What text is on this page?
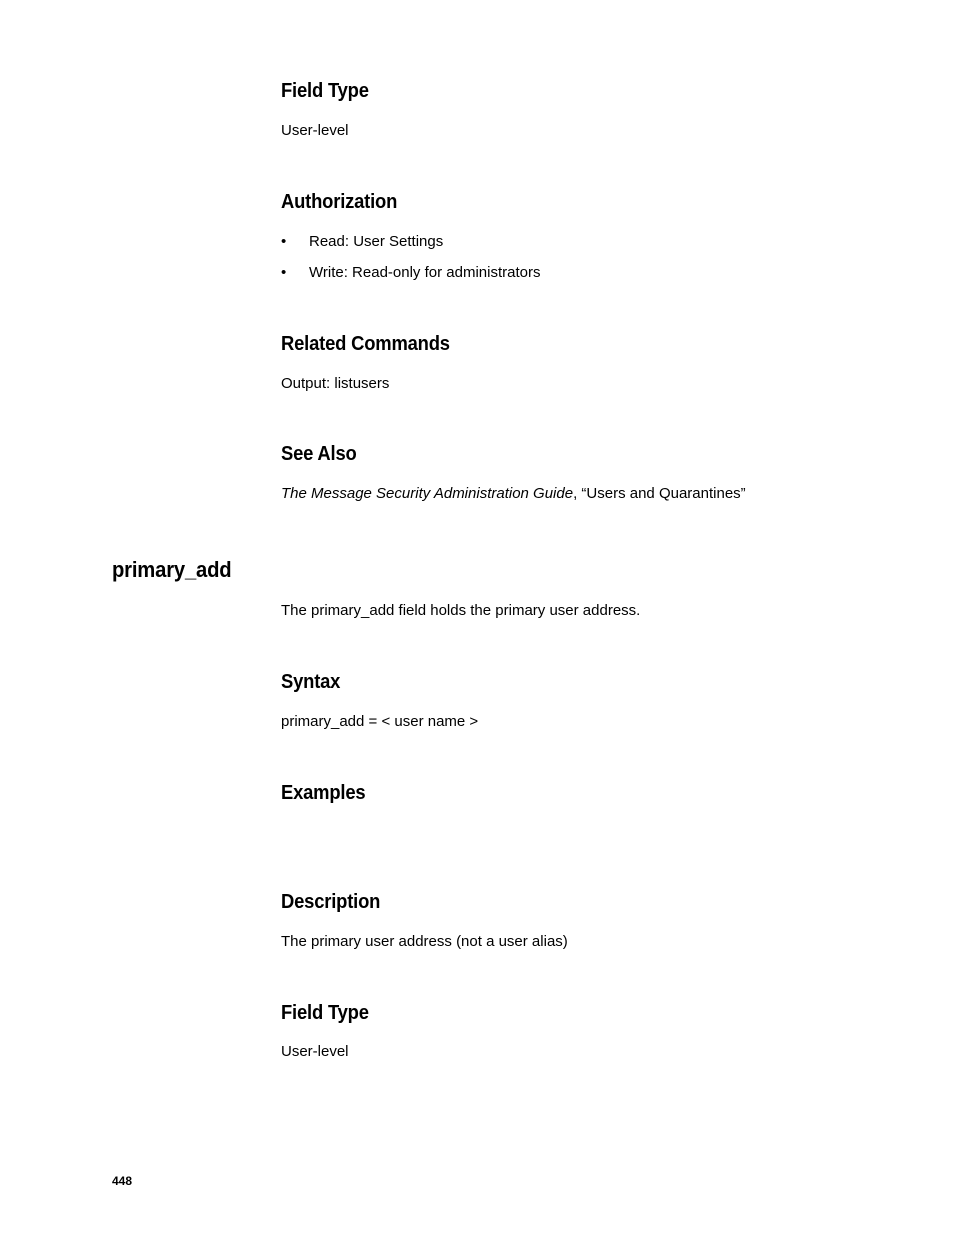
Field Type

User-level

Authorization
• Read: User Settings

• Write: Read-only for administrators

Related Commands

Output: listusers

See Also

The Message Security Administration Guide, “Users and Quarantines”

primary_add

The primary_add field holds the primary user address.

Syntax

primary_add = < user name >

Examples
Description

The primary user address (not a user alias)

Field Type

User-level

448
